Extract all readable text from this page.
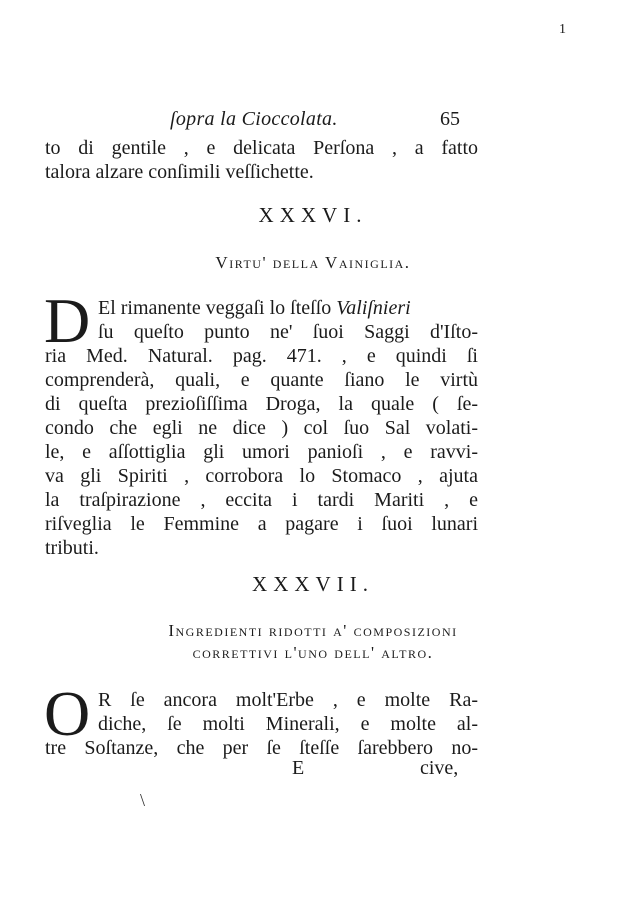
1
ſopra la Cioccolata.	65
to di gentile , e delicata Perſona , a fatto
talora alzare conſimili veſſichette.
XXXVI.
Virtu' della Vainiglia.
D El rimanente veggaſi lo ſteſſo Valiſnieri
ſu queſto punto ne' ſuoi Saggi d'Iſto-
ria Med. Natural. pag. 471. , e quindi ſi
comprenderà, quali, e quante ſiano le virtù
di queſta prezioſiſſima Droga, la quale ( ſe-
condo che egli ne dice ) col ſuo Sal volati-
le, e aſſottiglia gli umori panioſi , e ravvi-
va gli Spiriti , corrobora lo Stomaco , ajuta
la traſpirazione , eccita i tardi Mariti , e
riſveglia le Femmine a pagare i ſuoi lunari
tributi.
XXXVII.
Ingredienti ridotti a' composizioni
correttivi l'uno dell' altro.
O R ſe ancora molt'Erbe , e molte Ra-
diche, ſe molti Minerali, e molte al-
tre Soſtanze, che per ſe ſteſſe ſarebbero no-
E	cive,
\
